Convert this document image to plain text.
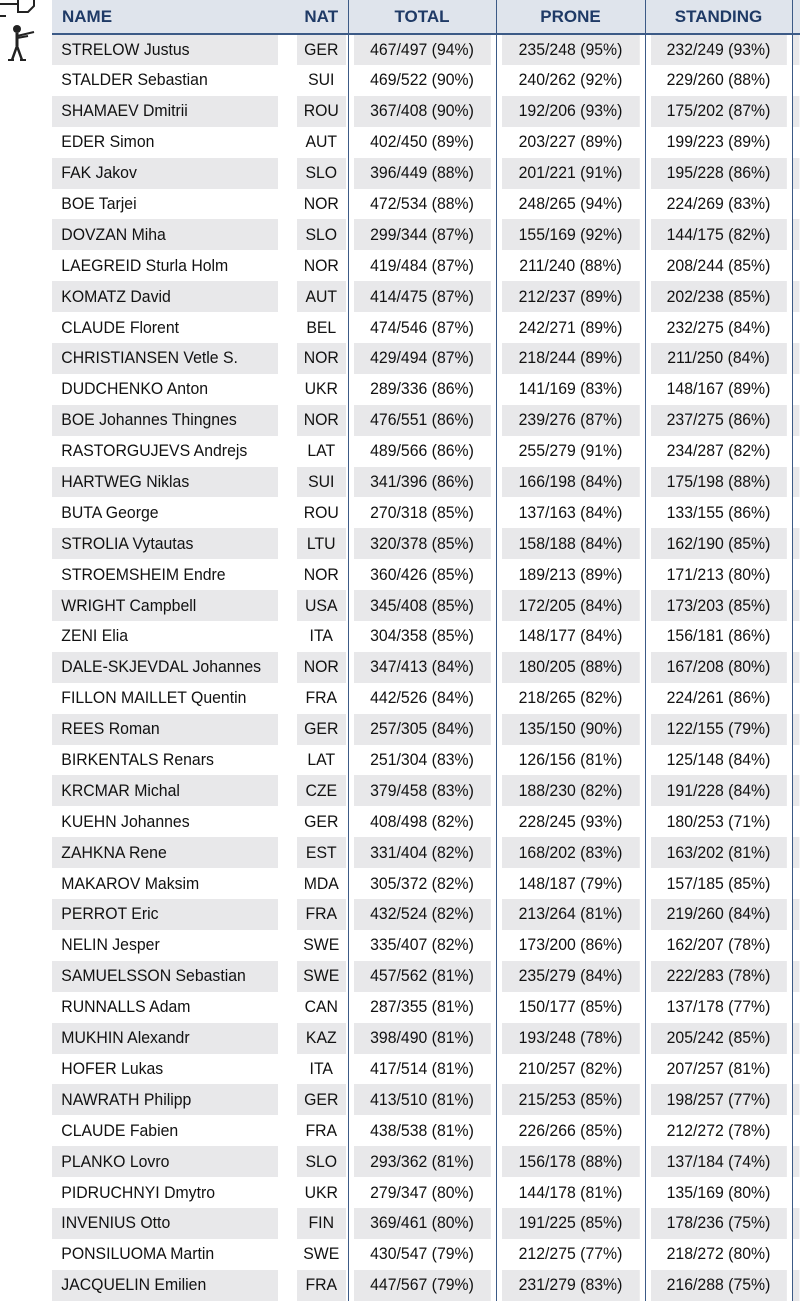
NAME	NAT	TOTAL	PRONE	STANDING	
STRELOW Justus	GER	467/497 (94%)	235/248 (95%)	232/249 (93%)	
STALDER Sebastian	SUI	469/522 (90%)	240/262 (92%)	229/260 (88%)	
SHAMAEV Dmitrii	ROU	367/408 (90%)	192/206 (93%)	175/202 (87%)	
EDER Simon	AUT	402/450 (89%)	203/227 (89%)	199/223 (89%)	
FAK Jakov	SLO	396/449 (88%)	201/221 (91%)	195/228 (86%)	
BOE Tarjei	NOR	472/534 (88%)	248/265 (94%)	224/269 (83%)	
DOVZAN Miha	SLO	299/344 (87%)	155/169 (92%)	144/175 (82%)	
LAEGREID Sturla Holm	NOR	419/484 (87%)	211/240 (88%)	208/244 (85%)	
KOMATZ David	AUT	414/475 (87%)	212/237 (89%)	202/238 (85%)	
CLAUDE Florent	BEL	474/546 (87%)	242/271 (89%)	232/275 (84%)	
CHRISTIANSEN Vetle S.	NOR	429/494 (87%)	218/244 (89%)	211/250 (84%)	
DUDCHENKO Anton	UKR	289/336 (86%)	141/169 (83%)	148/167 (89%)	
BOE Johannes Thingnes	NOR	476/551 (86%)	239/276 (87%)	237/275 (86%)	
RASTORGUJEVS Andrejs	LAT	489/566 (86%)	255/279 (91%)	234/287 (82%)	
HARTWEG Niklas	SUI	341/396 (86%)	166/198 (84%)	175/198 (88%)	
BUTA George	ROU	270/318 (85%)	137/163 (84%)	133/155 (86%)	
STROLIA Vytautas	LTU	320/378 (85%)	158/188 (84%)	162/190 (85%)	
STROEMSHEIM Endre	NOR	360/426 (85%)	189/213 (89%)	171/213 (80%)	
WRIGHT Campbell	USA	345/408 (85%)	172/205 (84%)	173/203 (85%)	
ZENI Elia	ITA	304/358 (85%)	148/177 (84%)	156/181 (86%)	
DALE-SKJEVDAL Johannes	NOR	347/413 (84%)	180/205 (88%)	167/208 (80%)	
FILLON MAILLET Quentin	FRA	442/526 (84%)	218/265 (82%)	224/261 (86%)	
REES Roman	GER	257/305 (84%)	135/150 (90%)	122/155 (79%)	
BIRKENTALS Renars	LAT	251/304 (83%)	126/156 (81%)	125/148 (84%)	
KRCMAR Michal	CZE	379/458 (83%)	188/230 (82%)	191/228 (84%)	
KUEHN Johannes	GER	408/498 (82%)	228/245 (93%)	180/253 (71%)	
ZAHKNA Rene	EST	331/404 (82%)	168/202 (83%)	163/202 (81%)	
MAKAROV Maksim	MDA	305/372 (82%)	148/187 (79%)	157/185 (85%)	
PERROT Eric	FRA	432/524 (82%)	213/264 (81%)	219/260 (84%)	
NELIN Jesper	SWE	335/407 (82%)	173/200 (86%)	162/207 (78%)	
SAMUELSSON Sebastian	SWE	457/562 (81%)	235/279 (84%)	222/283 (78%)	
RUNNALLS Adam	CAN	287/355 (81%)	150/177 (85%)	137/178 (77%)	
MUKHIN Alexandr	KAZ	398/490 (81%)	193/248 (78%)	205/242 (85%)	
HOFER Lukas	ITA	417/514 (81%)	210/257 (82%)	207/257 (81%)	
NAWRATH Philipp	GER	413/510 (81%)	215/253 (85%)	198/257 (77%)	
CLAUDE Fabien	FRA	438/538 (81%)	226/266 (85%)	212/272 (78%)	
PLANKO Lovro	SLO	293/362 (81%)	156/178 (88%)	137/184 (74%)	
PIDRUCHNYI Dmytro	UKR	279/347 (80%)	144/178 (81%)	135/169 (80%)	
INVENIUS Otto	FIN	369/461 (80%)	191/225 (85%)	178/236 (75%)	
PONSILUOMA Martin	SWE	430/547 (79%)	212/275 (77%)	218/272 (80%)	
JACQUELIN Emilien	FRA	447/567 (79%)	231/279 (83%)	216/288 (75%)	
